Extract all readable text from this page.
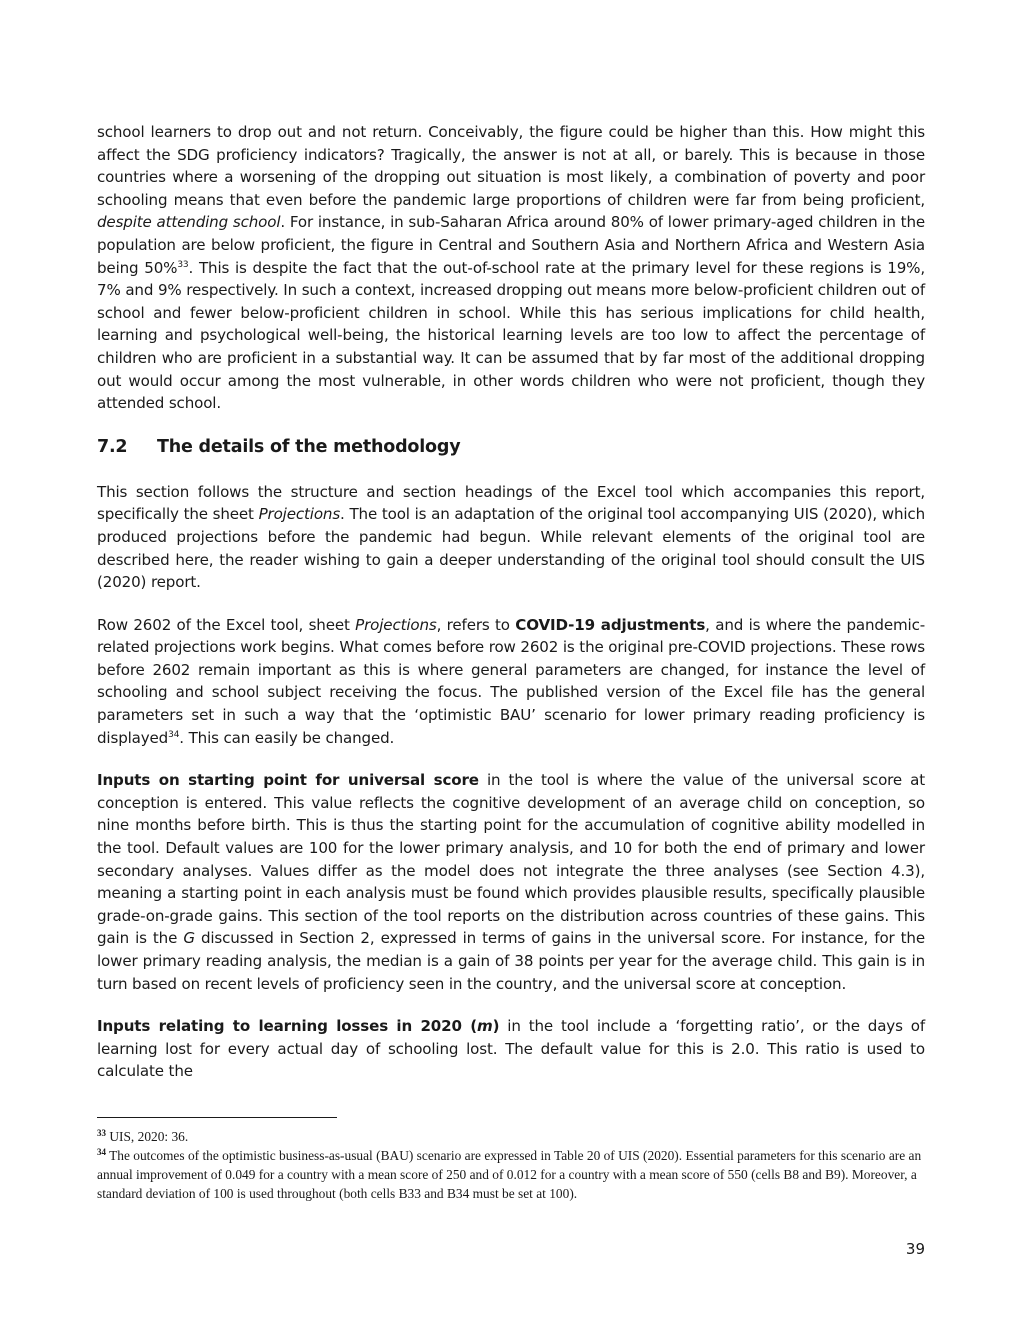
school learners to drop out and not return. Conceivably, the figure could be higher than this. How might this affect the SDG proficiency indicators? Tragically, the answer is not at all, or barely. This is because in those countries where a worsening of the dropping out situation is most likely, a combination of poverty and poor schooling means that even before the pandemic large proportions of children were far from being proficient, despite attending school. For instance, in sub-Saharan Africa around 80% of lower primary-aged children in the population are below proficient, the figure in Central and Southern Asia and Northern Africa and Western Asia being 50%$^{33}$. This is despite the fact that the out-of-school rate at the primary level for these regions is 19%, 7% and 9% respectively. In such a context, increased dropping out means more below-proficient children out of school and fewer below-proficient children in school. While this has serious implications for child health, learning and psychological well-being, the historical learning levels are too low to affect the percentage of children who are proficient in a substantial way. It can be assumed that by far most of the additional dropping out would occur among the most vulnerable, in other words children who were not proficient, though they attended school.

7.2	The details of the methodology

This section follows the structure and section headings of the Excel tool which accompanies this report, specifically the sheet Projections. The tool is an adaptation of the original tool accompanying UIS (2020), which produced projections before the pandemic had begun. While relevant elements of the original tool are described here, the reader wishing to gain a deeper understanding of the original tool should consult the UIS (2020) report.

Row 2602 of the Excel tool, sheet Projections, refers to COVID-19 adjustments, and is where the pandemic-related projections work begins. What comes before row 2602 is the original pre-COVID projections. These rows before 2602 remain important as this is where general parameters are changed, for instance the level of schooling and school subject receiving the focus. The published version of the Excel file has the general parameters set in such a way that the ‘optimistic BAU’ scenario for lower primary reading proficiency is displayed$^{34}$. This can easily be changed.

Inputs on starting point for universal score in the tool is where the value of the universal score at conception is entered. This value reflects the cognitive development of an average child on conception, so nine months before birth. This is thus the starting point for the accumulation of cognitive ability modelled in the tool. Default values are 100 for the lower primary analysis, and 10 for both the end of primary and lower secondary analyses. Values differ as the model does not integrate the three analyses (see Section 4.3), meaning a starting point in each analysis must be found which provides plausible results, specifically plausible grade-on-grade gains. This section of the tool reports on the distribution across countries of these gains. This gain is the G discussed in Section 2, expressed in terms of gains in the universal score. For instance, for the lower primary reading analysis, the median is a gain of 38 points per year for the average child. This gain is in turn based on recent levels of proficiency seen in the country, and the universal score at conception.

Inputs relating to learning losses in 2020 (m) in the tool include a ‘forgetting ratio’, or the days of learning lost for every actual day of schooling lost. The default value for this is 2.0. This ratio is used to calculate the

$^{33}$ UIS, 2020: 36.

$^{34}$ The outcomes of the optimistic business-as-usual (BAU) scenario are expressed in Table 20 of UIS (2020). Essential parameters for this scenario are an annual improvement of 0.049 for a country with a mean score of 250 and of 0.012 for a country with a mean score of 550 (cells B8 and B9). Moreover, a standard deviation of 100 is used throughout (both cells B33 and B34 must be set at 100).

39
